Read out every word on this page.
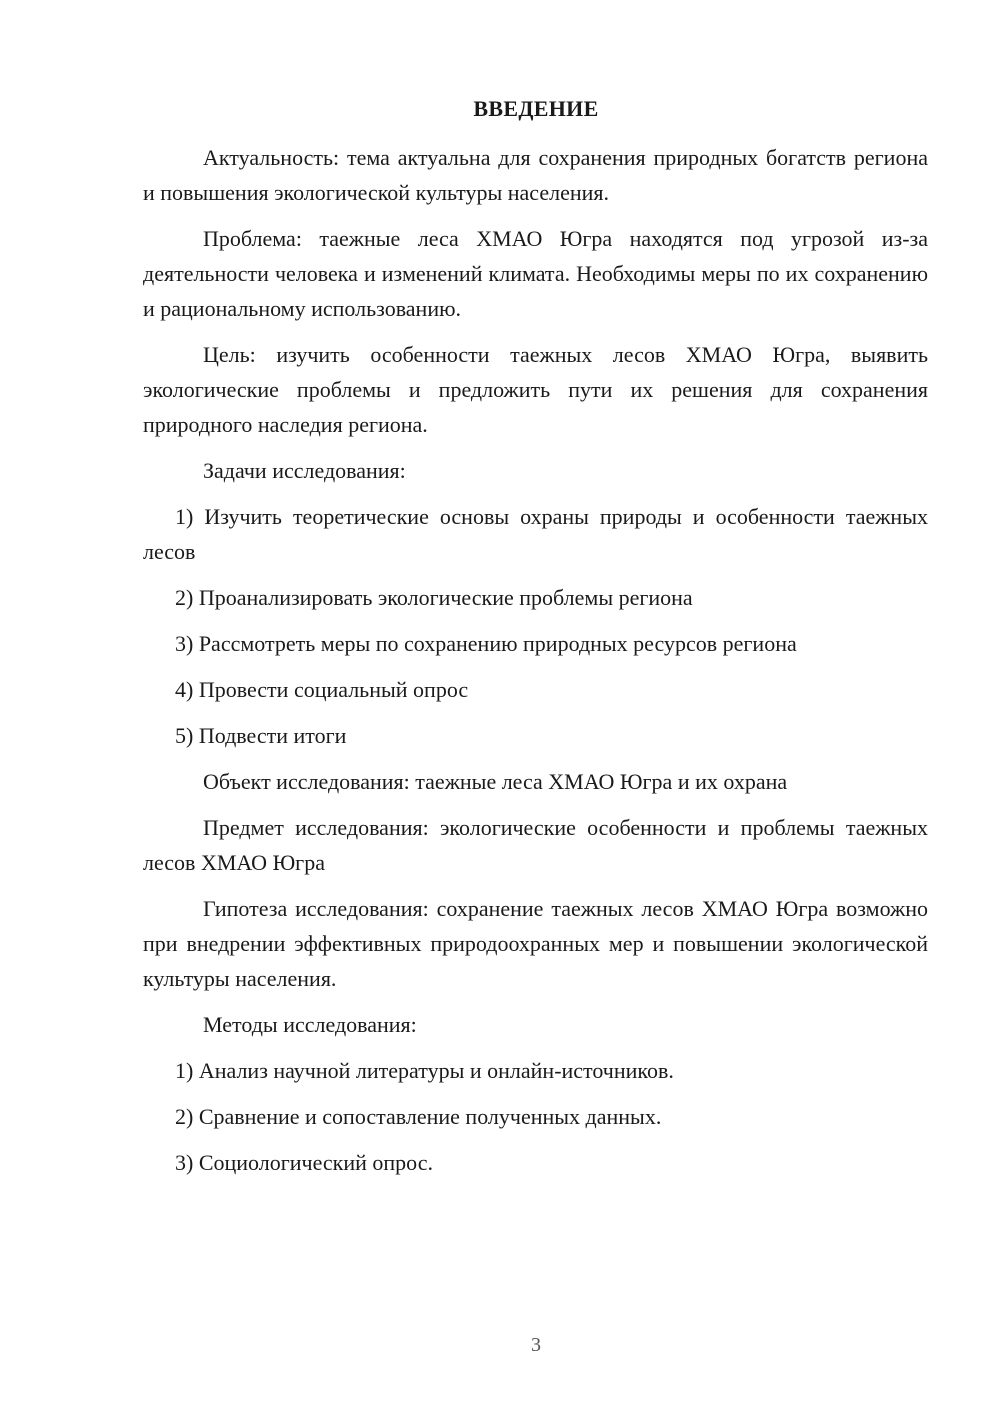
ВВЕДЕНИЕ

Актуальность: тема актуальна для сохранения природных богатств региона и повышения экологической культуры населения.

Проблема: таежные леса ХМАО Югра находятся под угрозой из-за деятельности человека и изменений климата. Необходимы меры по их сохранению и рациональному использованию.

Цель: изучить особенности таежных лесов ХМАО Югра, выявить экологические проблемы и предложить пути их решения для сохранения природного наследия региона.

Задачи исследования:

1) Изучить теоретические основы охраны природы и особенности таежных лесов

2) Проанализировать экологические проблемы региона

3) Рассмотреть меры по сохранению природных ресурсов региона

4) Провести социальный опрос

5) Подвести итоги

Объект исследования: таежные леса ХМАО Югра и их охрана

Предмет исследования: экологические особенности и проблемы таежных лесов ХМАО Югра

Гипотеза исследования: сохранение таежных лесов ХМАО Югра возможно при внедрении эффективных природоохранных мер и повышении экологической культуры населения.

Методы исследования:

1) Анализ научной литературы и онлайн-источников.

2) Сравнение и сопоставление полученных данных.

3) Социологический опрос.

3
